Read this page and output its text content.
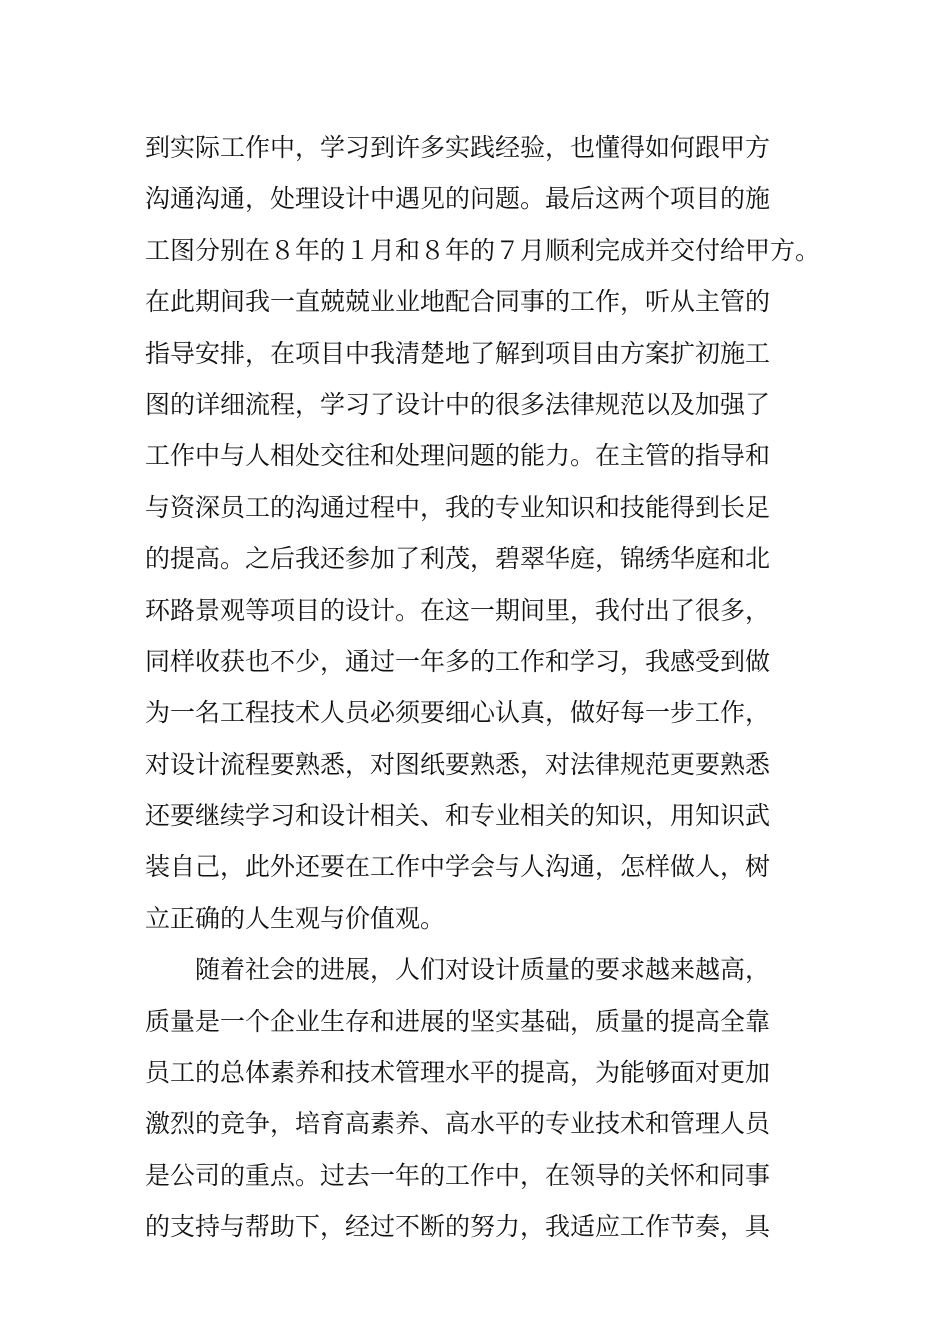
到实际工作中，学习到许多实践经验，也懂得如何跟甲方
沟通沟通，处理设计中遇见的问题。最后这两个项目的施
工图分别在８年的１月和８年的７月顺利完成并交付给甲方。
在此期间我一直兢兢业业地配合同事的工作，听从主管的
指导安排，在项目中我清楚地了解到项目由方案扩初施工
图的详细流程，学习了设计中的很多法律规范以及加强了
工作中与人相处交往和处理问题的能力。在主管的指导和
与资深员工的沟通过程中，我的专业知识和技能得到长足
的提高。之后我还参加了利茂，碧翠华庭，锦绣华庭和北
环路景观等项目的设计。在这一期间里，我付出了很多，
同样收获也不少，通过一年多的工作和学习，我感受到做
为一名工程技术人员必须要细心认真，做好每一步工作，
对设计流程要熟悉，对图纸要熟悉，对法律规范更要熟悉
还要继续学习和设计相关、和专业相关的知识，用知识武
装自己，此外还要在工作中学会与人沟通，怎样做人，树
立正确的人生观与价值观。
随着社会的进展，人们对设计质量的要求越来越高，
质量是一个企业生存和进展的坚实基础，质量的提高全靠
员工的总体素养和技术管理水平的提高，为能够面对更加
激烈的竞争，培育高素养、高水平的专业技术和管理人员
是公司的重点。过去一年的工作中，在领导的关怀和同事
的支持与帮助下，经过不断的努力，我适应工作节奏，具
